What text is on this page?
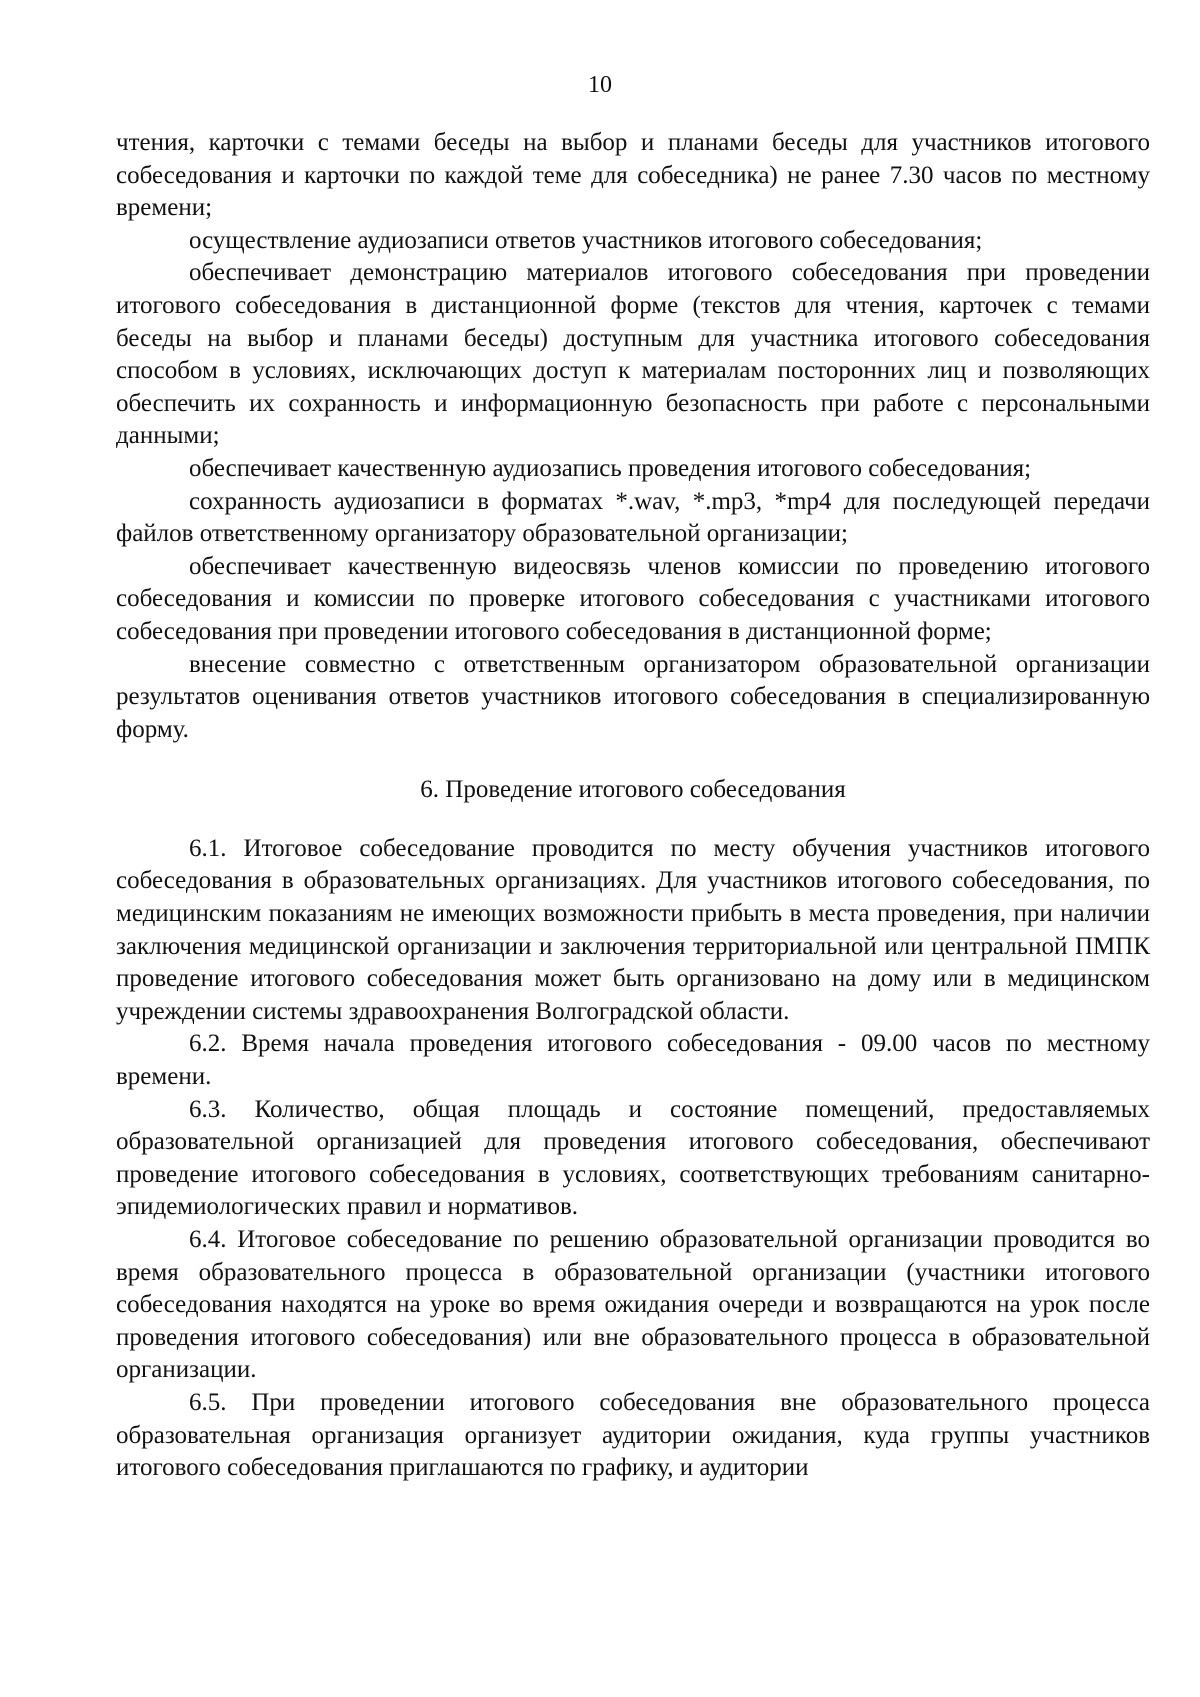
10

чтения, карточки с темами беседы на выбор и планами беседы для участников итогового собеседования и карточки по каждой теме для собеседника) не ранее 7.30 часов по местному времени;

осуществление аудиозаписи ответов участников итогового собеседования;

обеспечивает демонстрацию материалов итогового собеседования при проведении итогового собеседования в дистанционной форме (текстов для чтения, карточек с темами беседы на выбор и планами беседы) доступным для участника итогового собеседования способом в условиях, исключающих доступ к материалам посторонних лиц и позволяющих обеспечить их сохранность и информационную безопасность при работе с персональными данными;

обеспечивает качественную аудиозапись проведения итогового собеседования;

сохранность аудиозаписи в форматах *.wav, *.mp3, *mp4 для последующей передачи файлов ответственному организатору образовательной организации;

обеспечивает качественную видеосвязь членов комиссии по проведению итогового собеседования и комиссии по проверке итогового собеседования с участниками итогового собеседования при проведении итогового собеседования в дистанционной форме;

внесение совместно с ответственным организатором образовательной организации результатов оценивания ответов участников итогового собеседования в специализированную форму.

6. Проведение итогового собеседования

6.1. Итоговое собеседование проводится по месту обучения участников итогового собеседования в образовательных организациях. Для участников итогового собеседования, по медицинским показаниям не имеющих возможности прибыть в места проведения, при наличии заключения медицинской организации и заключения территориальной или центральной ПМПК проведение итогового собеседования может быть организовано на дому или в медицинском учреждении системы здравоохранения Волгоградской области.

6.2. Время начала проведения итогового собеседования - 09.00 часов по местному времени.

6.3. Количество, общая площадь и состояние помещений, предоставляемых образовательной организацией для проведения итогового собеседования, обеспечивают проведение итогового собеседования в условиях, соответствующих требованиям санитарно-эпидемиологических правил и нормативов.

6.4. Итоговое собеседование по решению образовательной организации проводится во время образовательного процесса в образовательной организации (участники итогового собеседования находятся на уроке во время ожидания очереди и возвращаются на урок после проведения итогового собеседования) или вне образовательного процесса в образовательной организации.

6.5. При проведении итогового собеседования вне образовательного процесса образовательная организация организует аудитории ожидания, куда группы участников итогового собеседования приглашаются по графику, и аудитории
